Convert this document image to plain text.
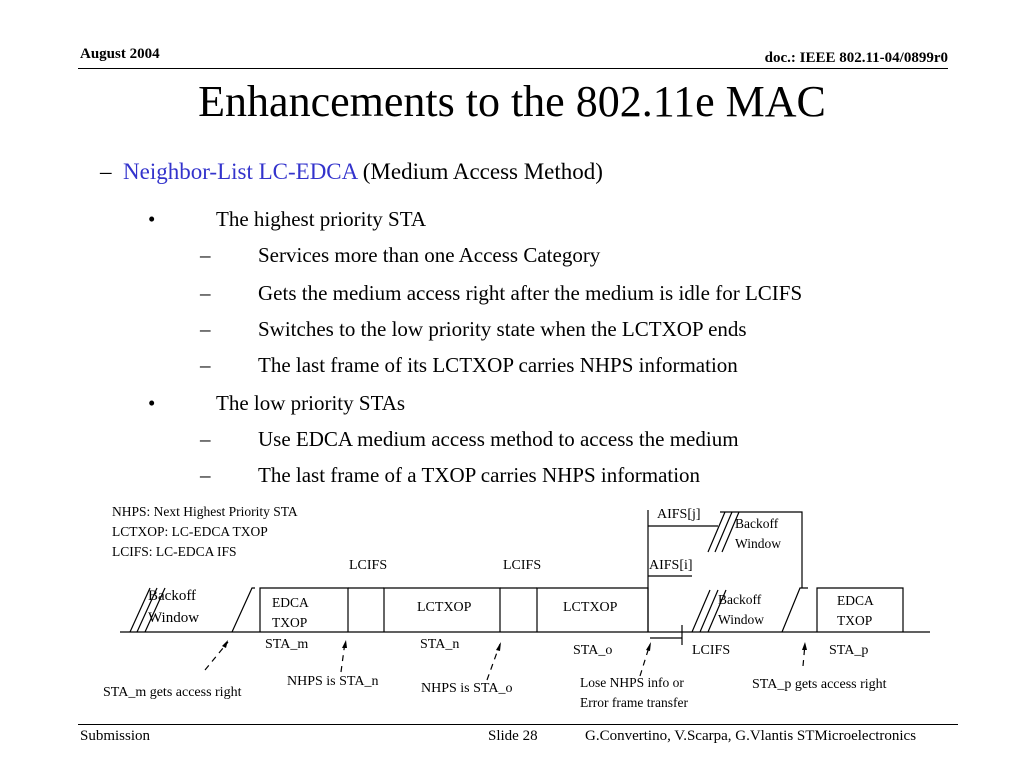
August 2004	doc.: IEEE 802.11-04/0899r0
Enhancements to the 802.11e MAC
– Neighbor-List LC-EDCA (Medium Access Method)
•	The highest priority STA
– Services more than one Access Category
– Gets the medium access right after the medium is idle for LCIFS
– Switches to the low priority state when the LCTXOP ends
– The last frame of its LCTXOP carries NHPS information
•	The low priority STAs
– Use EDCA medium access method to access the medium
– The last frame of a TXOP carries NHPS information
NHPS: Next Highest Priority STA
LCTXOP: LC-EDCA TXOP
LCIFS: LC-EDCA IFS
Backoff
Window
EDCA
TXOP
LCIFS
LCTXOP
LCIFS
LCTXOP
AIFS[j]
AIFS[i]
Backoff
Window
Backoff
Window
EDCA
TXOP
STA_m	STA_n	STA_o	LCIFS	STA_p
STA_m gets access right
NHPS is STA_n	NHPS is STA_o	Lose NHPS info or
Error frame transfer
STA_p gets access right
Submission	Slide 28	G.Convertino, V.Scarpa, G.Vlantis STMicroelectronics
